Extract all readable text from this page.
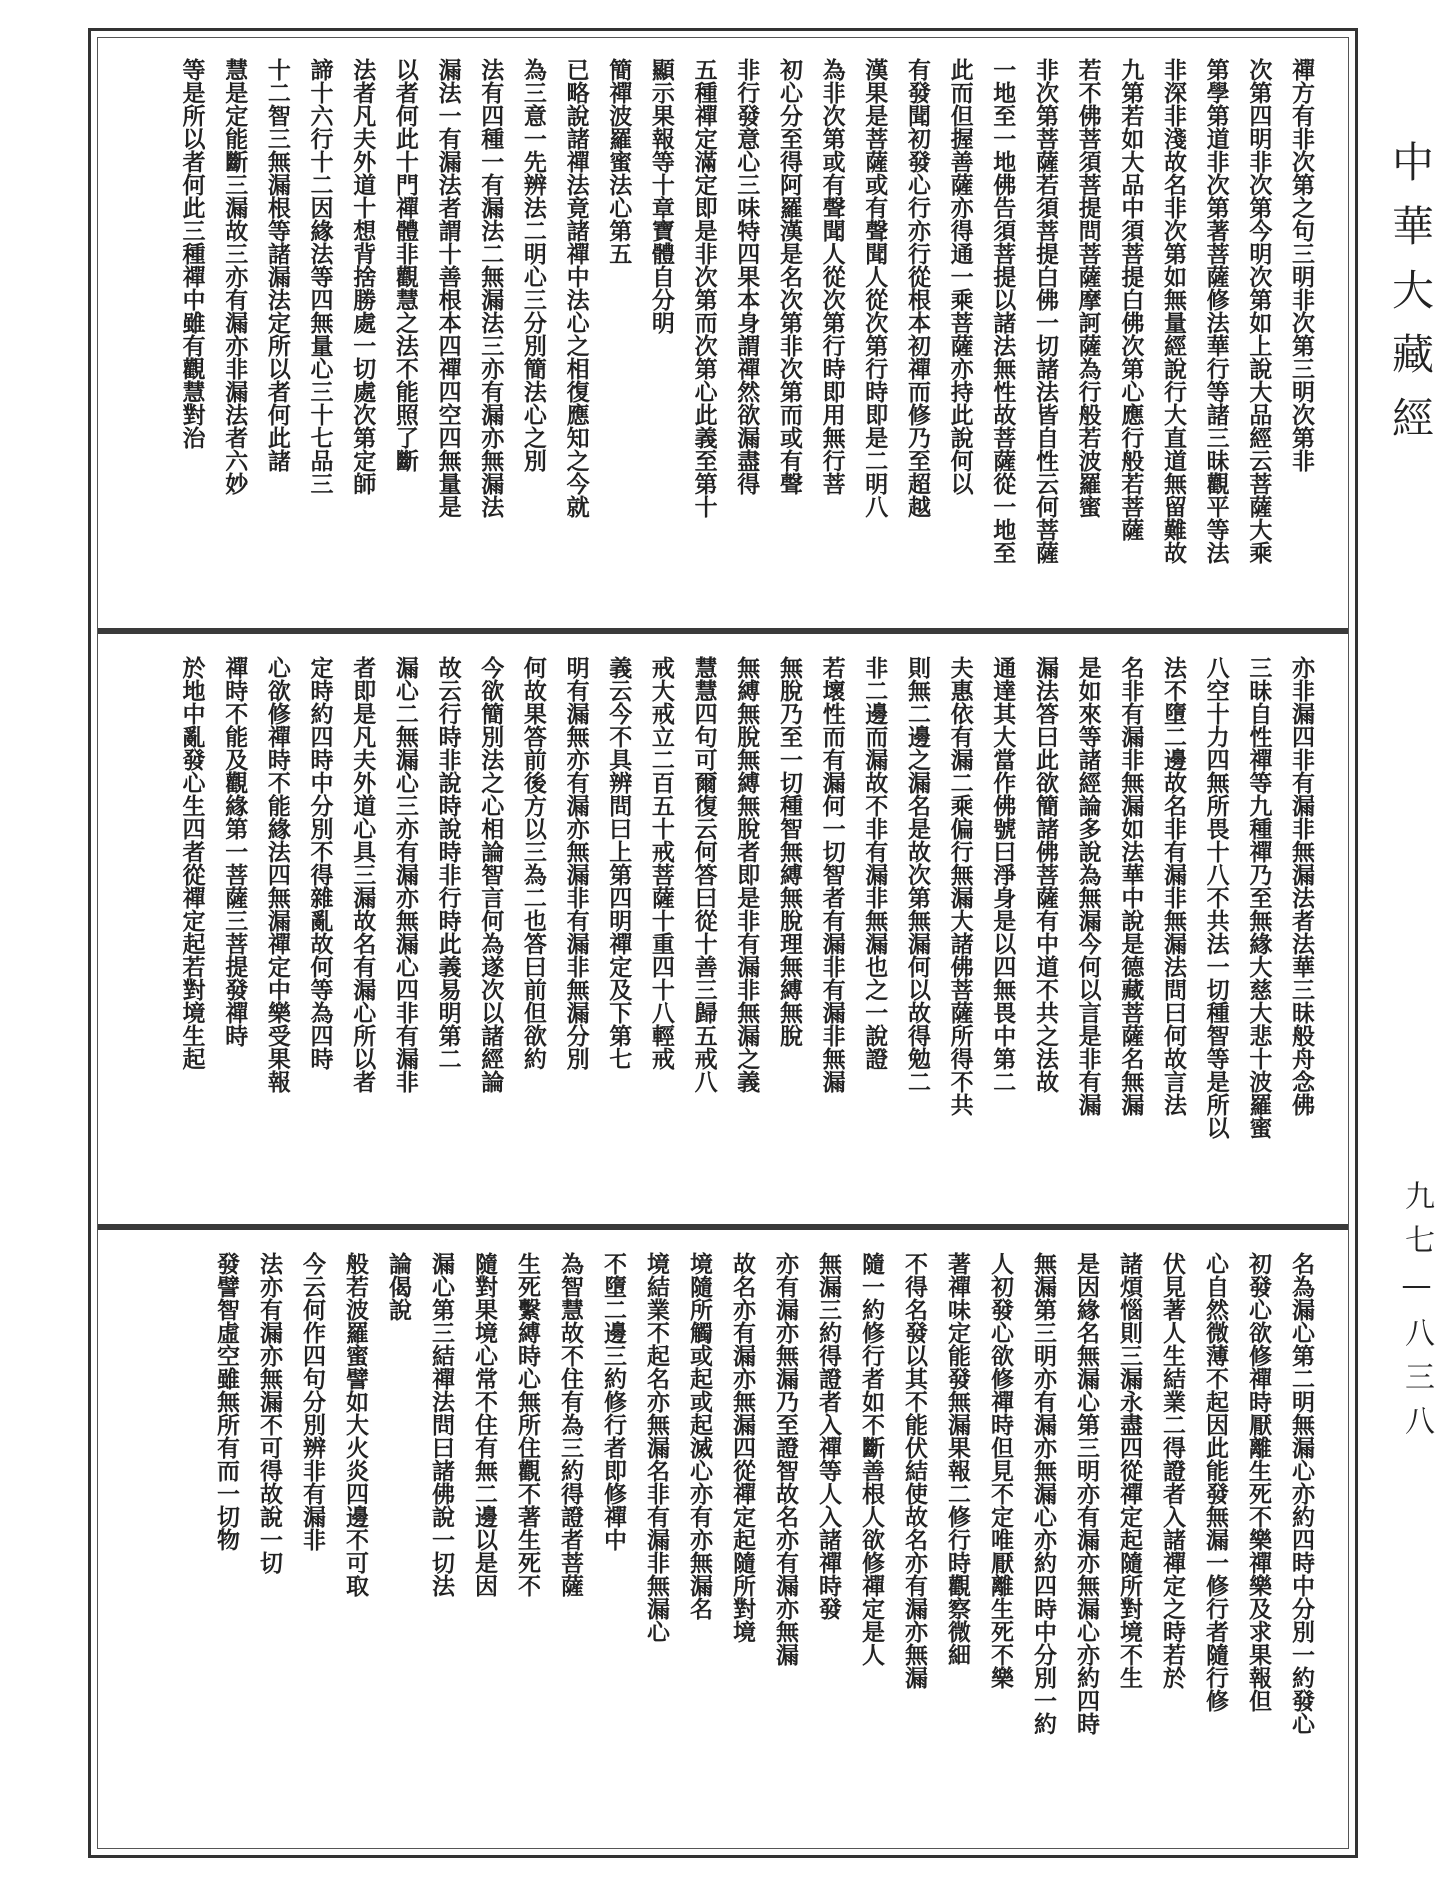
禪方有非次第之句三明非次第三明次第非
次第四明非次第今明次第如上說大品經云菩薩大乘
第學第道非次第著菩薩修法華行等諸三昧觀平等法
非深非淺故名非次第如無量經說行大直道無留難故
九第若如大品中須菩提白佛次第心應行般若菩薩
若不佛菩須菩提問菩薩摩訶薩為行般若波羅蜜
非次第菩薩若須菩提白佛一切諸法皆自性云何菩薩
一地至一地佛告須菩提以諸法無性故菩薩從一地至
此而但握善薩亦得通一乘菩薩亦持此說何以
有發聞初發心行亦行從根本初禪而修乃至超越
漢果是菩薩或有聲聞人從次第行時即是二明八
為非次第或有聲聞人從次第行時即用無行菩
初心分至得阿羅漢是名次第非次第而或有聲
非行發意心三味特四果本身謂禪然欲漏盡得
五種禪定滿定即是非次第而次第心此義至第十
顯示果報等十章寶體自分明
簡禪波羅蜜法心第五
已略說諸禪法竟諸禪中法心之相復應知之今就
為三意一先辨法二明心三分別簡法心之別
法有四種一有漏法二無漏法三亦有漏亦無漏法
漏法一有漏法者謂十善根本四禪四空四無量是
以者何此十門禪體非觀慧之法不能照了斷
法者凡夫外道十想背捨勝處一切處次第定師
諦十六行十二因緣法等四無量心三十七品三
十二智三無漏根等諸漏法定所以者何此諸
慧是定能斷三漏故三亦有漏亦非漏法者六妙
等是所以者何此三種禪中雖有觀慧對治
亦非漏四非有漏非無漏法者法華三昧般舟念佛
三昧自性禪等九種禪乃至無緣大慈大悲十波羅蜜
八空十力四無所畏十八不共法一切種智等是所以
法不墮二邊故名非有漏非無漏法問曰何故言法
名非有漏非無漏如法華中說是德藏菩薩名無漏
是如來等諸經論多說為無漏今何以言是非有漏
漏法答曰此欲簡諸佛菩薩有中道不共之法故
通達其大當作佛號曰淨身是以四無畏中第二
夫惠依有漏二乘偏行無漏大諸佛菩薩所得不共
則無二邊之漏名是故次第無漏何以故得勉二
非二邊而漏故不非有漏非無漏也之一說證
若壞性而有漏何一切智者有漏非有漏非無漏
無脫乃至一切種智無縛無脫理無縛無脫
無縛無脫無縛無脫者即是非有漏非無漏之義
慧慧四句可爾復云何答曰從十善三歸五戒八
戒大戒立二百五十戒菩薩十重四十八輕戒
義云今不具辨問曰上第四明禪定及下第七
明有漏無亦有漏亦無漏非有漏非無漏分別
何故果答前後方以三為二也答曰前但欲約
今欲簡別法之心相論智言何為遂次以諸經論
故云行時非說時說時非行時此義易明第二
漏心二無漏心三亦有漏亦無漏心四非有漏非
者即是凡夫外道心具三漏故名有漏心所以者
定時約四時中分別不得雜亂故何等為四時
心欲修禪時不能緣法四無漏禪定中樂受果報
禪時不能及觀緣第一菩薩三菩提發禪時
於地中亂發心生四者從禪定起若對境生起
名為漏心第二明無漏心亦約四時中分別一約發心
初發心欲修禪時厭離生死不樂禪樂及求果報但
心自然微薄不起因此能發無漏一修行者隨行修
伏見著人生結業二得證者入諸禪定之時若於
諸煩惱則三漏永盡四從禪定起隨所對境不生
是因緣名無漏心第三明亦有漏亦無漏心亦約四時
無漏第三明亦有漏亦無漏心亦約四時中分別一約
人初發心欲修禪時但見不定唯厭離生死不樂
著禪味定能發無漏果報二修行時觀察微細
不得名發以其不能伏結使故名亦有漏亦無漏
隨一約修行者如不斷善根人欲修禪定是人
無漏三約得證者入禪等人入諸禪時發
亦有漏亦無漏乃至證智故名亦有漏亦無漏
故名亦有漏亦無漏四從禪定起隨所對境
境隨所觸或起或起滅心亦有亦無漏名
境結業不起名亦無漏名非有漏非無漏心
不墮二邊三約修行者即修禪中
為智慧故不住有為三約得證者菩薩
生死繫縛時心無所住觀不著生死不
隨對果境心常不住有無二邊以是因
漏心第三結禪法問曰諸佛說一切法
論偈說
般若波羅蜜譬如大火炎四邊不可取
今云何作四句分別辨非有漏非
法亦有漏亦無漏不可得故說一切
發譬智虛空雖無所有而一切物
中華大藏經
九七—八三八
